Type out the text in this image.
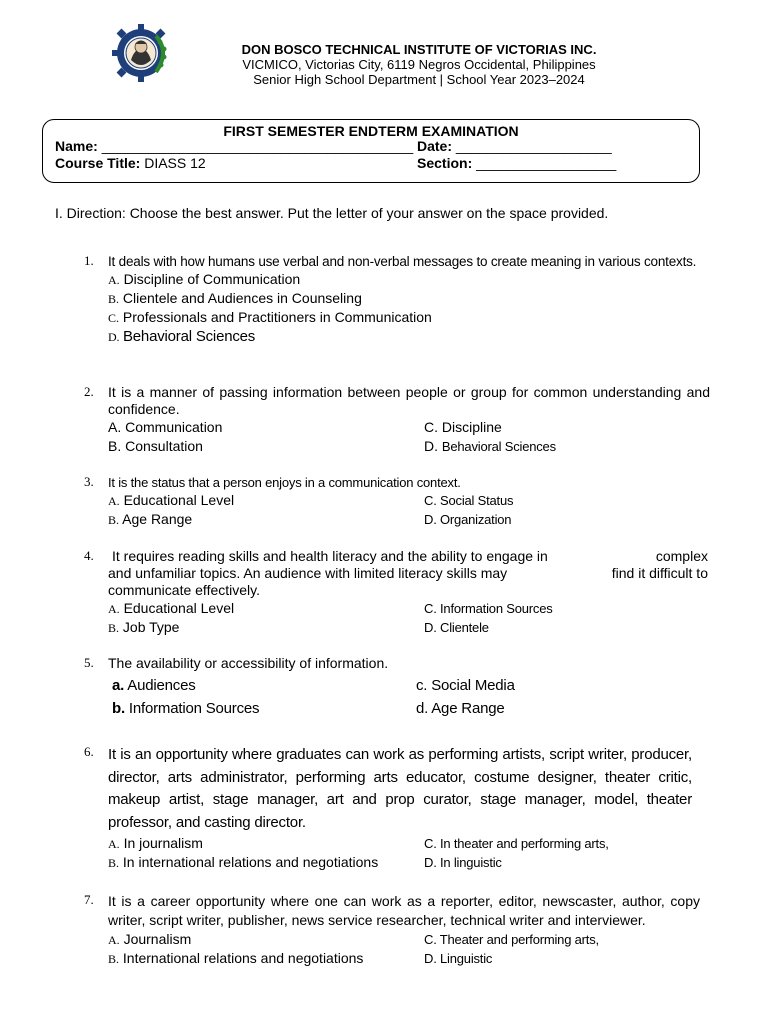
DON BOSCO TECHNICAL INSTITUTE OF VICTORIAS INC.
VICMICO, Victorias City, 6119 Negros Occidental, Philippines
Senior High School Department | School Year 2023–2024
FIRST SEMESTER ENDTERM EXAMINATION
Name: ________________________________________ Date: ____________________
Course Title: DIASS 12	Section: __________________
I. Direction: Choose the best answer. Put the letter of your answer on the space provided.
1. It deals with how humans use verbal and non-verbal messages to create meaning in various contexts.
A. Discipline of Communication
B. Clientele and Audiences in Counseling
C. Professionals and Practitioners in Communication
D. Behavioral Sciences
2. It is a manner of passing information between people or group for common understanding and confidence.
A. Communication	C. Discipline
B. Consultation	D. Behavioral Sciences
3. It is the status that a person enjoys in a communication context.
A. Educational Level	C. Social Status
B. Age Range	D. Organization
4. It requires reading skills and health literacy and the ability to engage in	complex
and unfamiliar topics. An audience with limited literacy skills may	find it difficult to
communicate effectively.
A. Educational Level	C. Information Sources
B. Job Type	D. Clientele
5. The availability or accessibility of information.
a. Audiences	c. Social Media
b. Information Sources	d. Age Range
6. It is an opportunity where graduates can work as performing artists, script writer, producer, director, arts administrator, performing arts educator, costume designer, theater critic, makeup artist, stage manager, art and prop curator, stage manager, model, theater professor, and casting director.
A. In journalism	C. In theater and performing arts,
B. In international relations and negotiations	D. In linguistic
7. It is a career opportunity where one can work as a reporter, editor, newscaster, author, copy writer, script writer, publisher, news service researcher, technical writer and interviewer.
A. Journalism	C. Theater and performing arts,
B. International relations and negotiations	D. Linguistic
